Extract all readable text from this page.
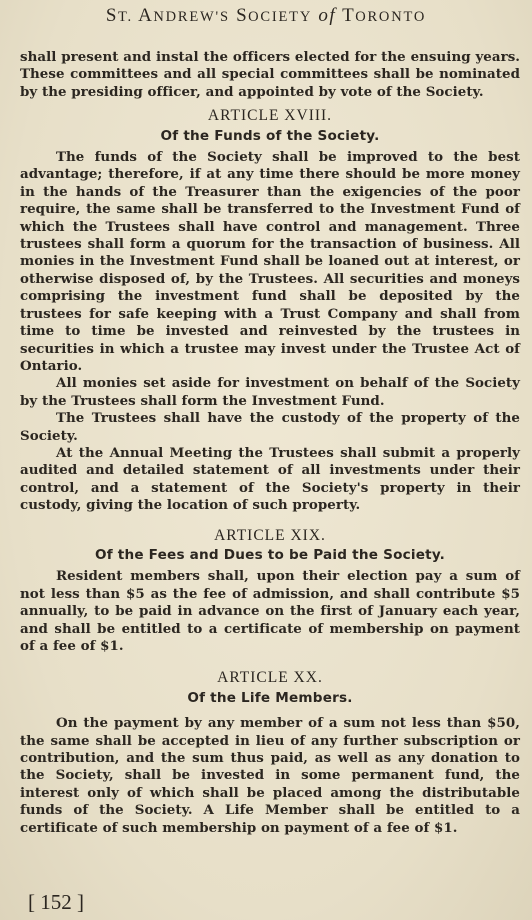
ST. ANDREW'S SOCIETY of TORONTO

shall present and instal the officers elected for the ensuing years. These committees and all special committees shall be nominated by the presiding officer, and appointed by vote of the Society.

ARTICLE XVIII.

Of the Funds of the Society.

The funds of the Society shall be improved to the best advantage; therefore, if at any time there should be more money in the hands of the Treasurer than the exigencies of the poor require, the same shall be transferred to the Investment Fund of which the Trustees shall have control and management. Three trustees shall form a quorum for the transaction of business. All monies in the Investment Fund shall be loaned out at interest, or otherwise disposed of, by the Trustees. All securities and moneys comprising the investment fund shall be deposited by the trustees for safe keeping with a Trust Company and shall from time to time be invested and reinvested by the trustees in securities in which a trustee may invest under the Trustee Act of Ontario.

All monies set aside for investment on behalf of the Society by the Trustees shall form the Investment Fund.

The Trustees shall have the custody of the property of the Society.

At the Annual Meeting the Trustees shall submit a properly audited and detailed statement of all investments under their control, and a statement of the Society's property in their custody, giving the location of such property.

ARTICLE XIX.

Of the Fees and Dues to be Paid the Society.

Resident members shall, upon their election pay a sum of not less than $5 as the fee of admission, and shall contribute $5 annually, to be paid in advance on the first of January each year, and shall be entitled to a certificate of membership on payment of a fee of $1.

ARTICLE XX.

Of the Life Members.

On the payment by any member of a sum not less than $50, the same shall be accepted in lieu of any further subscription or contribution, and the sum thus paid, as well as any donation to the Society, shall be invested in some permanent fund, the interest only of which shall be placed among the distributable funds of the Society. A Life Member shall be entitled to a certificate of such membership on payment of a fee of $1.

[ 152 ]
